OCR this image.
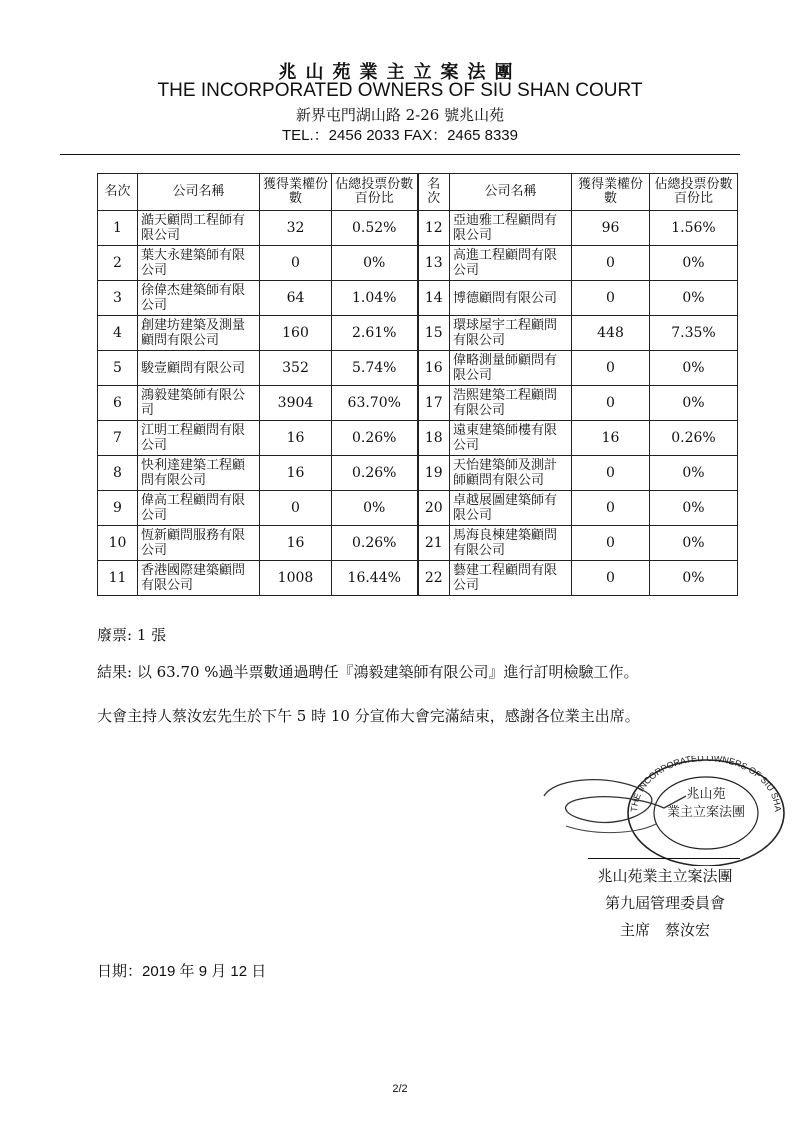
兆山苑業主立案法團
THE INCORPORATED OWNERS OF SIU SHAN COURT
新界屯門湖山路 2-26 號兆山苑
TEL.：2456 2033 FAX：2465 8339
名次	公司名稱	獲得業權份數	佔總投票份數百份比	名次	公司名稱	獲得業權份數	佔總投票份數百份比
1	澔天顧問工程師有限公司	32	0.52%	12	亞迪雅工程顧問有限公司	96	1.56%
2	葉大永建築師有限公司	0	0%	13	高進工程顧問有限公司	0	0%
3	徐偉杰建築師有限公司	64	1.04%	14	博德顧問有限公司	0	0%
4	創建坊建築及測量顧問有限公司	160	2.61%	15	環球屋宇工程顧問有限公司	448	7.35%
5	駿壹顧問有限公司	352	5.74%	16	偉略測量師顧問有限公司	0	0%
6	鴻毅建築師有限公司	3904	63.70%	17	浩熙建築工程顧問有限公司	0	0%
7	江明工程顧問有限公司	16	0.26%	18	遠東建築師樓有限公司	16	0.26%
8	快利達建築工程顧問有限公司	16	0.26%	19	天怡建築師及測計師顧問有限公司	0	0%
9	偉高工程顧問有限公司	0	0%	20	卓越展圖建築師有限公司	0	0%
10	恆新顧問服務有限公司	16	0.26%	21	馬海良棟建築顧問有限公司	0	0%
11	香港國際建築顧問有限公司	1008	16.44%	22	藝建工程顧問有限公司	0	0%
廢票: 1 張
結果: 以 63.70 %過半票數通過聘任『鴻毅建築師有限公司』進行訂明檢驗工作。
大會主持人蔡汝宏先生於下午 5 時 10 分宣佈大會完滿結束，感謝各位業主出席。
THE INCORPORATED OWNERS OF SIU SHA
兆山苑
業主立案法團
兆山苑業主立案法團
第九屆管理委員會
主席　蔡汝宏
日期：2019 年 9 月 12 日
2/2
